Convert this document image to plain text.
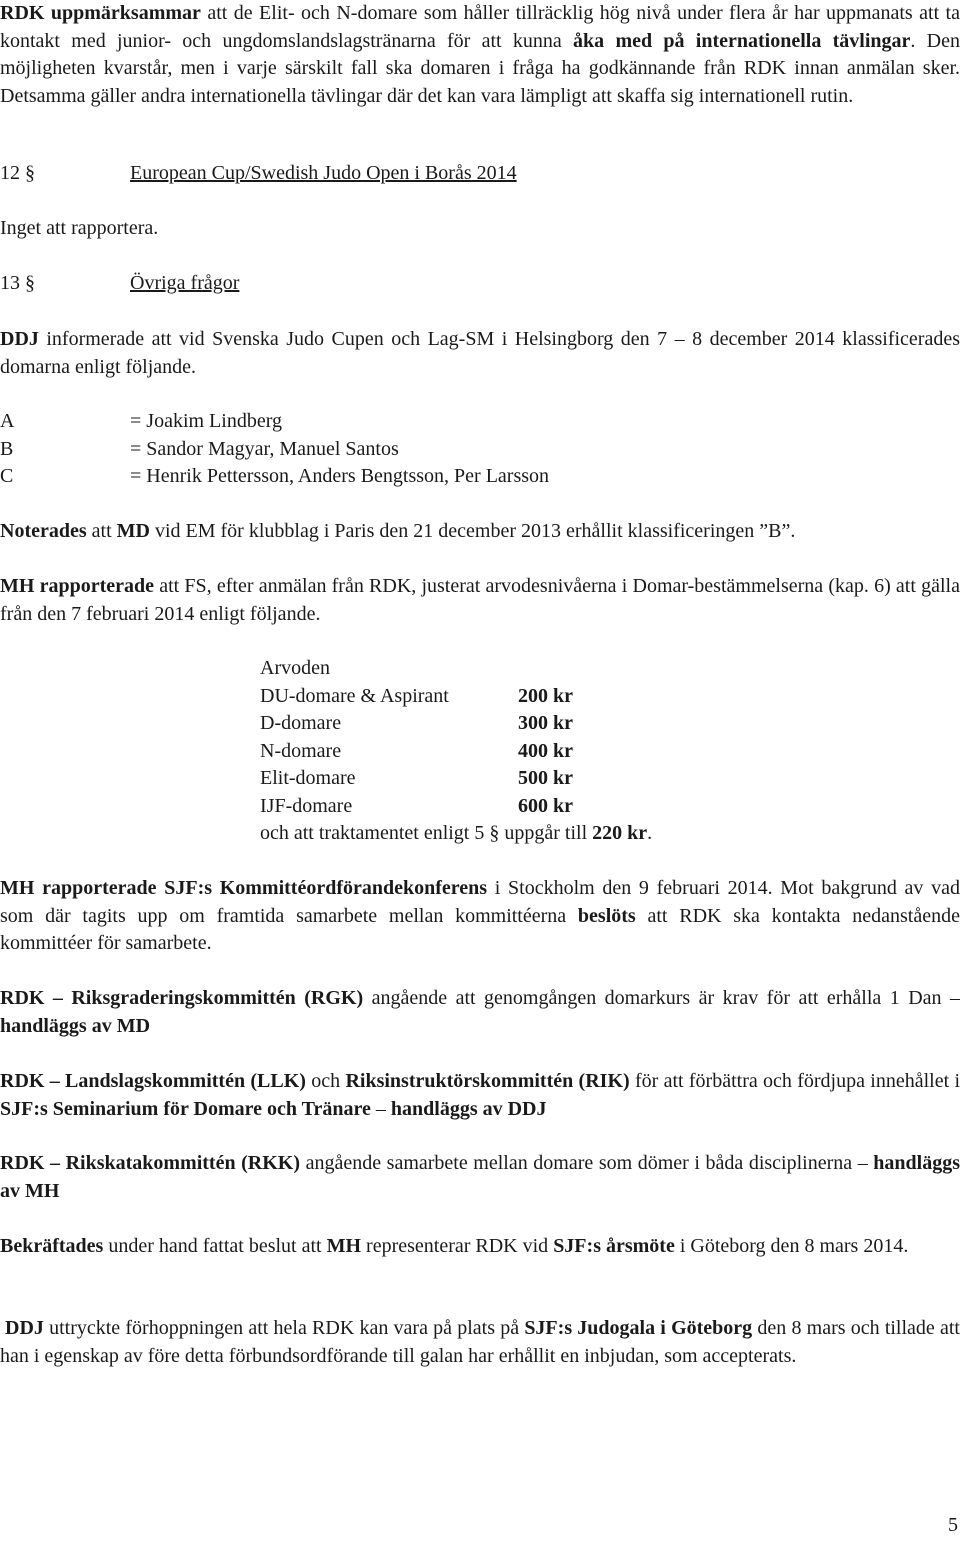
RDK uppmärksammar att de Elit- och N-domare som håller tillräcklig hög nivå under flera år har uppmanats att ta kontakt med junior- och ungdomslandslagstränarna för att kunna åka med på internationella tävlingar. Den möjligheten kvarstår, men i varje särskilt fall ska domaren i fråga ha godkännande från RDK innan anmälan sker. Detsamma gäller andra internationella tävlingar där det kan vara lämpligt att skaffa sig internationell rutin.

12 §	European Cup/Swedish Judo Open i Borås 2014

Inget att rapportera.

13 §	Övriga frågor

DDJ informerade att vid Svenska Judo Cupen och Lag-SM i Helsingborg den 7 – 8 december 2014 klassificerades domarna enligt följande.

A	= Joakim Lindberg
B	= Sandor Magyar, Manuel Santos
C	= Henrik Pettersson, Anders Bengtsson, Per Larsson

Noterades att MD vid EM för klubblag i Paris den 21 december 2013 erhållit klassificeringen ”B”.

MH rapporterade att FS, efter anmälan från RDK, justerat arvodesnivåerna i Domar-bestämmelserna (kap. 6) att gälla från den 7 februari 2014 enligt följande.

Arvoden
DU-domare & Aspirant	200 kr
D-domare	300 kr
N-domare	400 kr
Elit-domare	500 kr
IJF-domare	600 kr
och att traktamentet enligt 5 § uppgår till 220 kr.

MH rapporterade SJF:s Kommittéordförandekonferens i Stockholm den 9 februari 2014. Mot bakgrund av vad som där tagits upp om framtida samarbete mellan kommittéerna beslöts att RDK ska kontakta nedanstående kommittéer för samarbete.

RDK – Riksgraderingskommittén (RGK) angående att genomgången domarkurs är krav för att erhålla 1 Dan – handläggs av MD

RDK – Landslagskommittén (LLK) och Riksinstruktörskommittén (RIK) för att förbättra och fördjupa innehållet i SJF:s Seminarium för Domare och Tränare – handläggs av DDJ

RDK – Rikskatakommittén (RKK) angående samarbete mellan domare som dömer i båda disciplinerna – handläggs av MH

Bekräftades under hand fattat beslut att MH representerar RDK vid SJF:s årsmöte i Göteborg den 8 mars 2014.

DDJ uttryckte förhoppningen att hela RDK kan vara på plats på SJF:s Judogala i Göteborg den 8 mars och tillade att han i egenskap av före detta förbundsordförande till galan har erhållit en inbjudan, som accepterats.

5
